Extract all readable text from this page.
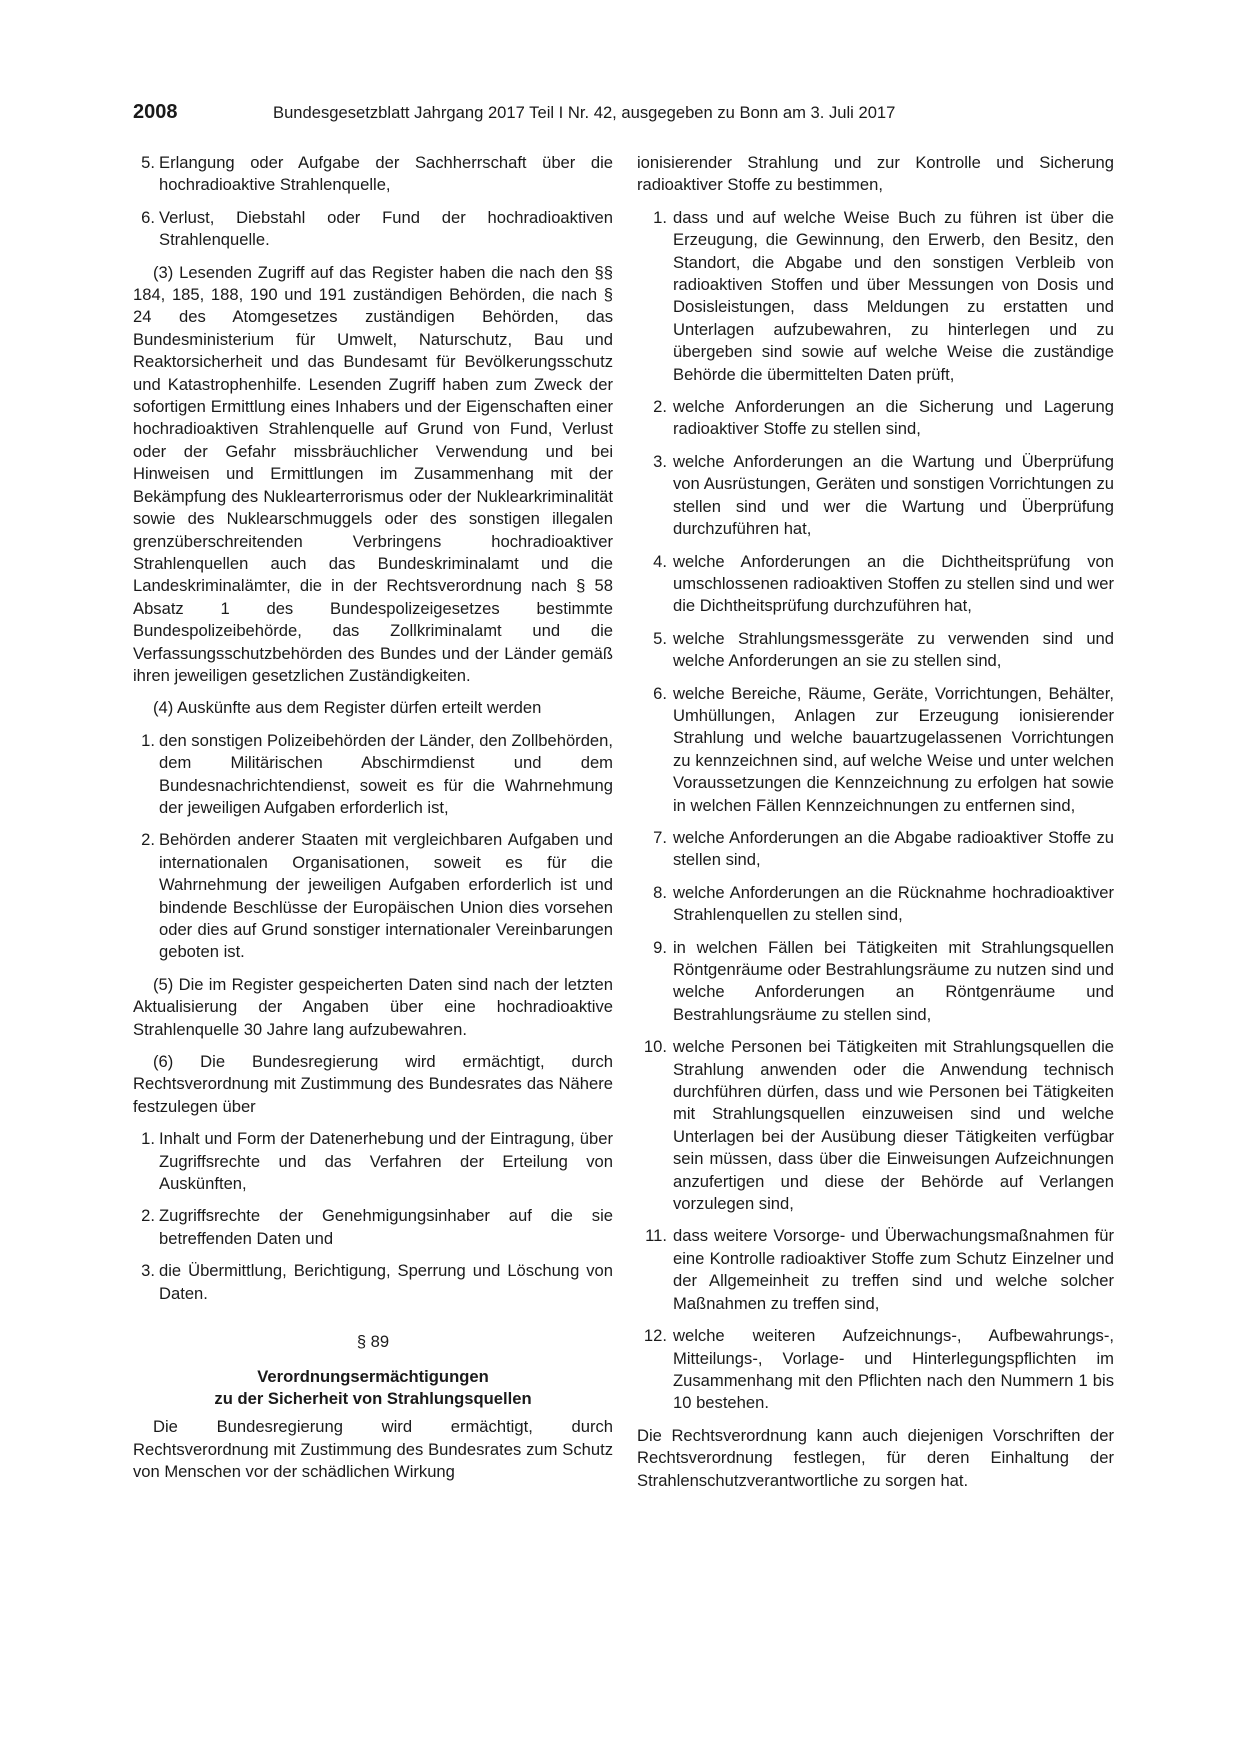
2008	Bundesgesetzblatt Jahrgang 2017 Teil I Nr. 42, ausgegeben zu Bonn am 3. Juli 2017
5. Erlangung oder Aufgabe der Sachherrschaft über die hochradioaktive Strahlenquelle,
6. Verlust, Diebstahl oder Fund der hochradioaktiven Strahlenquelle.

(3) Lesenden Zugriff auf das Register haben die nach den §§ 184, 185, 188, 190 und 191 zuständigen Behörden, die nach § 24 des Atomgesetzes zuständigen Behörden, das Bundesministerium für Umwelt, Naturschutz, Bau und Reaktorsicherheit und das Bundesamt für Bevölkerungsschutz und Katastrophenhilfe. Lesenden Zugriff haben zum Zweck der sofortigen Ermittlung eines Inhabers und der Eigenschaften einer hochradioaktiven Strahlenquelle auf Grund von Fund, Verlust oder der Gefahr missbräuchlicher Verwendung und bei Hinweisen und Ermittlungen im Zusammenhang mit der Bekämpfung des Nuklearterrorismus oder der Nuklearkriminalität sowie des Nuklearschmuggels oder des sonstigen illegalen grenzüberschreitenden Verbringens hochradioaktiver Strahlenquellen auch das Bundeskriminalamt und die Landeskriminalämter, die in der Rechtsverordnung nach § 58 Absatz 1 des Bundespolizeigesetzes bestimmte Bundespolizeibehörde, das Zollkriminalamt und die Verfassungsschutzbehörden des Bundes und der Länder gemäß ihren jeweiligen gesetzlichen Zuständigkeiten.

(4) Auskünfte aus dem Register dürfen erteilt werden

1. den sonstigen Polizeibehörden der Länder, den Zollbehörden, dem Militärischen Abschirmdienst und dem Bundesnachrichtendienst, soweit es für die Wahrnehmung der jeweiligen Aufgaben erforderlich ist,
2. Behörden anderer Staaten mit vergleichbaren Aufgaben und internationalen Organisationen, soweit es für die Wahrnehmung der jeweiligen Aufgaben erforderlich ist und bindende Beschlüsse der Europäischen Union dies vorsehen oder dies auf Grund sonstiger internationaler Vereinbarungen geboten ist.

(5) Die im Register gespeicherten Daten sind nach der letzten Aktualisierung der Angaben über eine hochradioaktive Strahlenquelle 30 Jahre lang aufzubewahren.

(6) Die Bundesregierung wird ermächtigt, durch Rechtsverordnung mit Zustimmung des Bundesrates das Nähere festzulegen über

1. Inhalt und Form der Datenerhebung und der Eintragung, über Zugriffsrechte und das Verfahren der Erteilung von Auskünften,
2. Zugriffsrechte der Genehmigungsinhaber auf die sie betreffenden Daten und
3. die Übermittlung, Berichtigung, Sperrung und Löschung von Daten.

§ 89

Verordnungsermächtigungen
zu der Sicherheit von Strahlungsquellen

Die Bundesregierung wird ermächtigt, durch Rechtsverordnung mit Zustimmung des Bundesrates zum Schutz von Menschen vor der schädlichen Wirkung

ionisierender Strahlung und zur Kontrolle und Sicherung radioaktiver Stoffe zu bestimmen,

1. dass und auf welche Weise Buch zu führen ist über die Erzeugung, die Gewinnung, den Erwerb, den Besitz, den Standort, die Abgabe und den sonstigen Verbleib von radioaktiven Stoffen und über Messungen von Dosis und Dosisleistungen, dass Meldungen zu erstatten und Unterlagen aufzubewahren, zu hinterlegen und zu übergeben sind sowie auf welche Weise die zuständige Behörde die übermittelten Daten prüft,
2. welche Anforderungen an die Sicherung und Lagerung radioaktiver Stoffe zu stellen sind,
3. welche Anforderungen an die Wartung und Überprüfung von Ausrüstungen, Geräten und sonstigen Vorrichtungen zu stellen sind und wer die Wartung und Überprüfung durchzuführen hat,
4. welche Anforderungen an die Dichtheitsprüfung von umschlossenen radioaktiven Stoffen zu stellen sind und wer die Dichtheitsprüfung durchzuführen hat,
5. welche Strahlungsmessgeräte zu verwenden sind und welche Anforderungen an sie zu stellen sind,
6. welche Bereiche, Räume, Geräte, Vorrichtungen, Behälter, Umhüllungen, Anlagen zur Erzeugung ionisierender Strahlung und welche bauartzugelassenen Vorrichtungen zu kennzeichnen sind, auf welche Weise und unter welchen Voraussetzungen die Kennzeichnung zu erfolgen hat sowie in welchen Fällen Kennzeichnungen zu entfernen sind,
7. welche Anforderungen an die Abgabe radioaktiver Stoffe zu stellen sind,
8. welche Anforderungen an die Rücknahme hochradioaktiver Strahlenquellen zu stellen sind,
9. in welchen Fällen bei Tätigkeiten mit Strahlungsquellen Röntgenräume oder Bestrahlungsräume zu nutzen sind und welche Anforderungen an Röntgenräume und Bestrahlungsräume zu stellen sind,
10. welche Personen bei Tätigkeiten mit Strahlungsquellen die Strahlung anwenden oder die Anwendung technisch durchführen dürfen, dass und wie Personen bei Tätigkeiten mit Strahlungsquellen einzuweisen sind und welche Unterlagen bei der Ausübung dieser Tätigkeiten verfügbar sein müssen, dass über die Einweisungen Aufzeichnungen anzufertigen und diese der Behörde auf Verlangen vorzulegen sind,
11. dass weitere Vorsorge- und Überwachungsmaßnahmen für eine Kontrolle radioaktiver Stoffe zum Schutz Einzelner und der Allgemeinheit zu treffen sind und welche solcher Maßnahmen zu treffen sind,
12. welche weiteren Aufzeichnungs-, Aufbewahrungs-, Mitteilungs-, Vorlage- und Hinterlegungspflichten im Zusammenhang mit den Pflichten nach den Nummern 1 bis 10 bestehen.

Die Rechtsverordnung kann auch diejenigen Vorschriften der Rechtsverordnung festlegen, für deren Einhaltung der Strahlenschutzverantwortliche zu sorgen hat.
